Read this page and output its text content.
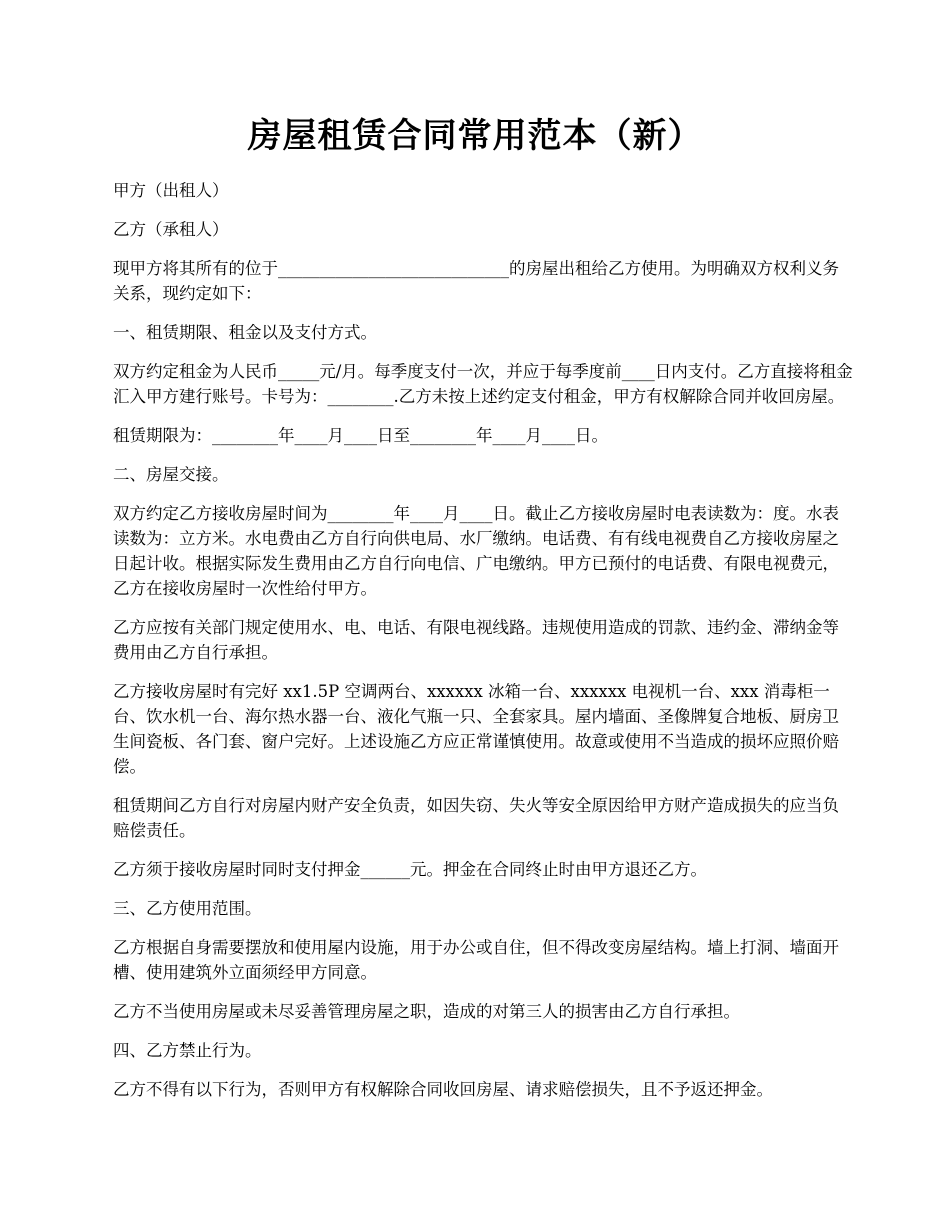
房屋租赁合同常用范本（新）

甲方（出租人）

乙方（承租人）

现甲方将其所有的位于____________________________的房屋出租给乙方使用。为明确双方权利义务关系，现约定如下：

一、租赁期限、租金以及支付方式。

双方约定租金为人民币_____元/月。每季度支付一次，并应于每季度前____日内支付。乙方直接将租金汇入甲方建行账号。卡号为：________.乙方未按上述约定支付租金，甲方有权解除合同并收回房屋。

租赁期限为：________年____月____日至________年____月____日。

二、房屋交接。

双方约定乙方接收房屋时间为________年____月____日。截止乙方接收房屋时电表读数为：度。水表读数为：立方米。水电费由乙方自行向供电局、水厂缴纳。电话费、有有线电视费自乙方接收房屋之日起计收。根据实际发生费用由乙方自行向电信、广电缴纳。甲方已预付的电话费、有限电视费元，乙方在接收房屋时一次性给付甲方。

乙方应按有关部门规定使用水、电、电话、有限电视线路。违规使用造成的罚款、违约金、滞纳金等费用由乙方自行承担。

乙方接收房屋时有完好 xx1.5P 空调两台、xxxxxx 冰箱一台、xxxxxx 电视机一台、xxx 消毒柜一台、饮水机一台、海尔热水器一台、液化气瓶一只、全套家具。屋内墙面、圣像牌复合地板、厨房卫生间瓷板、各门套、窗户完好。上述设施乙方应正常谨慎使用。故意或使用不当造成的损坏应照价赔偿。

租赁期间乙方自行对房屋内财产安全负责，如因失窃、失火等安全原因给甲方财产造成损失的应当负赔偿责任。

乙方须于接收房屋时同时支付押金______元。押金在合同终止时由甲方退还乙方。

三、乙方使用范围。

乙方根据自身需要摆放和使用屋内设施，用于办公或自住，但不得改变房屋结构。墙上打洞、墙面开槽、使用建筑外立面须经甲方同意。

乙方不当使用房屋或未尽妥善管理房屋之职，造成的对第三人的损害由乙方自行承担。

四、乙方禁止行为。

乙方不得有以下行为，否则甲方有权解除合同收回房屋、请求赔偿损失，且不予返还押金。
